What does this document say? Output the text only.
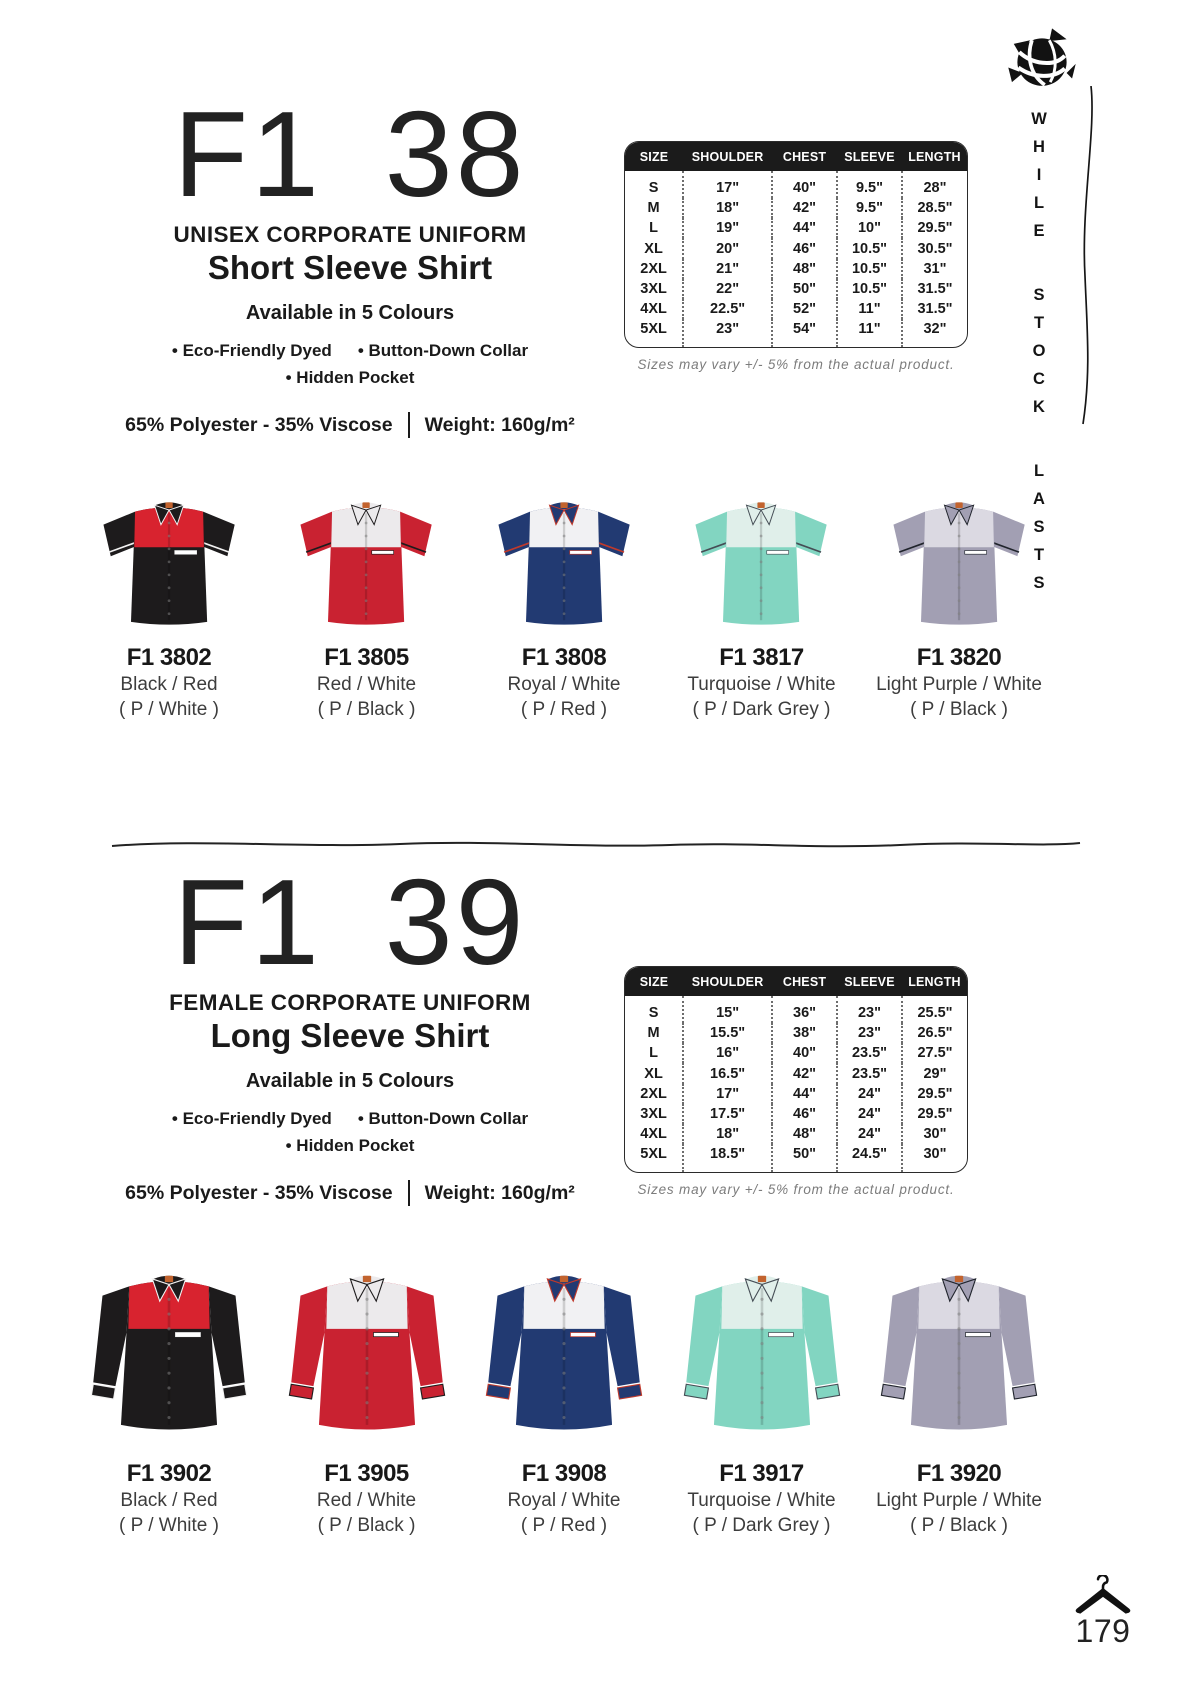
WHILE STOCK LASTS
F1 38
UNISEX CORPORATE UNIFORM
Short Sleeve Shirt
Available in 5 Colours
• Eco-Friendly Dyed	• Button-Down Collar
• Hidden Pocket
65% Polyester - 35% Viscose Weight: 160g/m²
SIZE	SHOULDER	CHEST	SLEEVE	LENGTH
S	17"	40"	9.5"	28"
M	18"	42"	9.5"	28.5"
L	19"	44"	10"	29.5"
XL	20"	46"	10.5"	30.5"
2XL	21"	48"	10.5"	31"
3XL	22"	50"	10.5"	31.5"
4XL	22.5"	52"	11"	31.5"
5XL	23"	54"	11"	32"
Sizes may vary +/- 5% from the actual product.
F1 3802
Black / Red
( P / White )
F1 3805
Red / White
( P / Black )
F1 3808
Royal / White
( P / Red )
F1 3817
Turquoise / White
( P / Dark Grey )
F1 3820
Light Purple / White
( P / Black )
F1 39
FEMALE CORPORATE UNIFORM
Long Sleeve Shirt
Available in 5 Colours
• Eco-Friendly Dyed	• Button-Down Collar
• Hidden Pocket
65% Polyester - 35% Viscose Weight: 160g/m²
SIZE	SHOULDER	CHEST	SLEEVE	LENGTH
S	15"	36"	23"	25.5"
M	15.5"	38"	23"	26.5"
L	16"	40"	23.5"	27.5"
XL	16.5"	42"	23.5"	29"
2XL	17"	44"	24"	29.5"
3XL	17.5"	46"	24"	29.5"
4XL	18"	48"	24"	30"
5XL	18.5"	50"	24.5"	30"
Sizes may vary +/- 5% from the actual product.
F1 3902
Black / Red
( P / White )
F1 3905
Red / White
( P / Black )
F1 3908
Royal / White
( P / Red )
F1 3917
Turquoise / White
( P / Dark Grey )
F1 3920
Light Purple / White
( P / Black )
179
